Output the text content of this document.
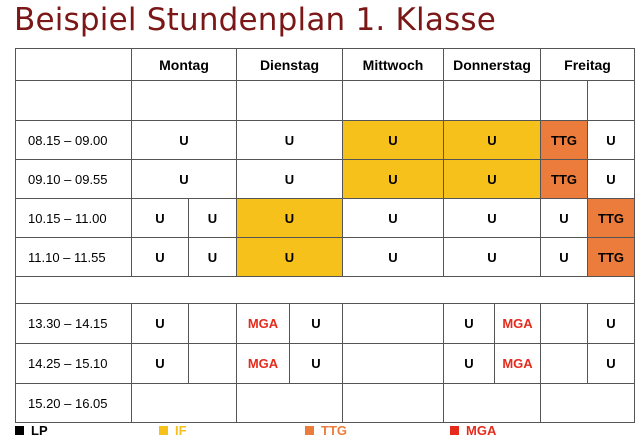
Beispiel Stundenplan 1. Klasse
	Montag		Dienstag		Mittwoch	Donnerstag		Freitag	

08.15 – 09.00	U		U		U	U		TTG	U
09.10 – 09.55	U		U		U	U		TTG	U
10.15 – 11.00	U	U	U		U	U		U	TTG
11.10 – 11.55	U	U	U		U	U		U	TTG

13.30 – 14.15	U		MGA	U		U	MGA		U
14.25 – 15.10	U		MGA	U		U	MGA		U
15.20 – 16.05									
LP	IF	TTG	MGA
